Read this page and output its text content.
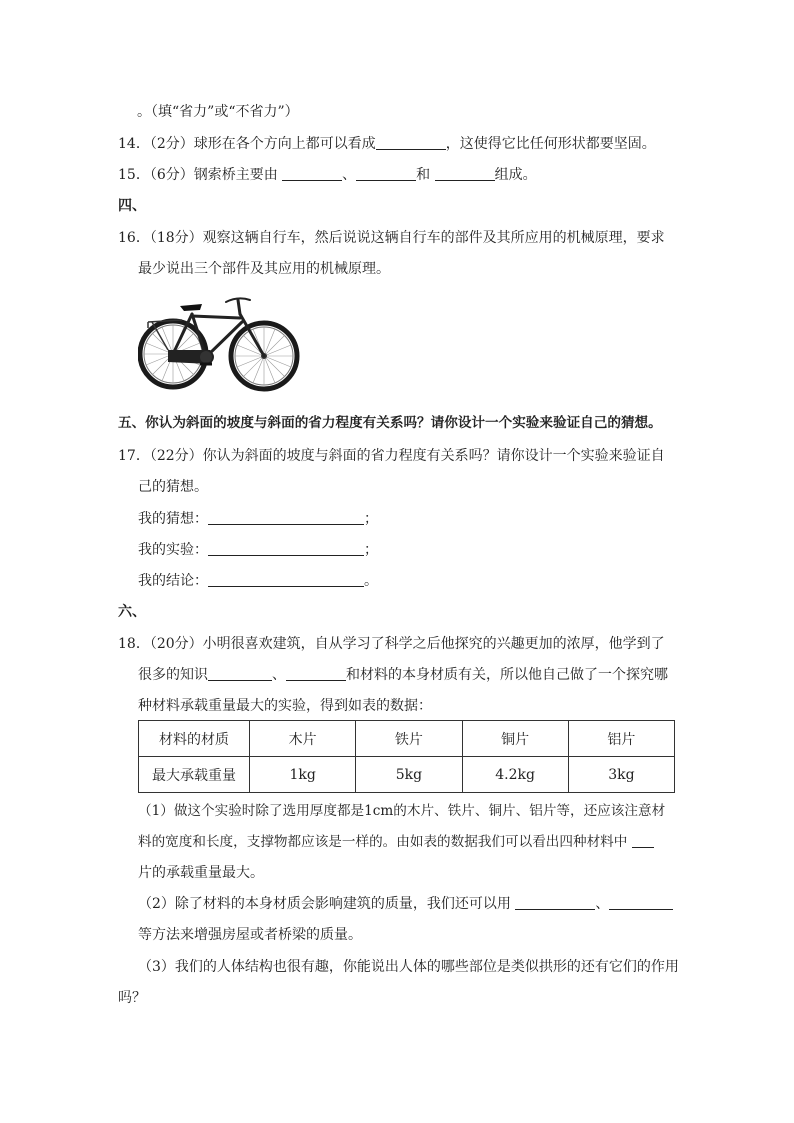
。（填“省力”或“不省力”）
14．（2分）球形在各个方向上都可以看成	，这使得它比任何形状都要坚固。
15．（6分）钢索桥主要由	、	和	组成。
四、
16．（18分）观察这辆自行车，然后说说这辆自行车的部件及其所应用的机械原理，要求
最少说出三个部件及其应用的机械原理。
五、你认为斜面的坡度与斜面的省力程度有关系吗？请你设计一个实验来验证自己的猜想。
17．（22分）你认为斜面的坡度与斜面的省力程度有关系吗？请你设计一个实验来验证自
己的猜想。
我的猜想：	；
我的实验：	；
我的结论：	。
六、
18．（20分）小明很喜欢建筑，自从学习了科学之后他探究的兴趣更加的浓厚，他学到了
很多的知识	、	和材料的本身材质有关，所以他自己做了一个探究哪
种材料承载重量最大的实验，得到如表的数据：
材料的材质	木片	铁片	铜片	铝片
最大承载重量	1kg	5kg	4.2kg	3kg
（1）做这个实验时除了选用厚度都是1cm的木片、铁片、铜片、铝片等，还应该注意材
料的宽度和长度，支撑物都应该是一样的。由如表的数据我们可以看出四种材料中
片的承载重量最大。
（2）除了材料的本身材质会影响建筑的质量，我们还可以用	、
等方法来增强房屋或者桥梁的质量。
（3）我们的人体结构也很有趣，你能说出人体的哪些部位是类似拱形的还有它们的作用
吗？
